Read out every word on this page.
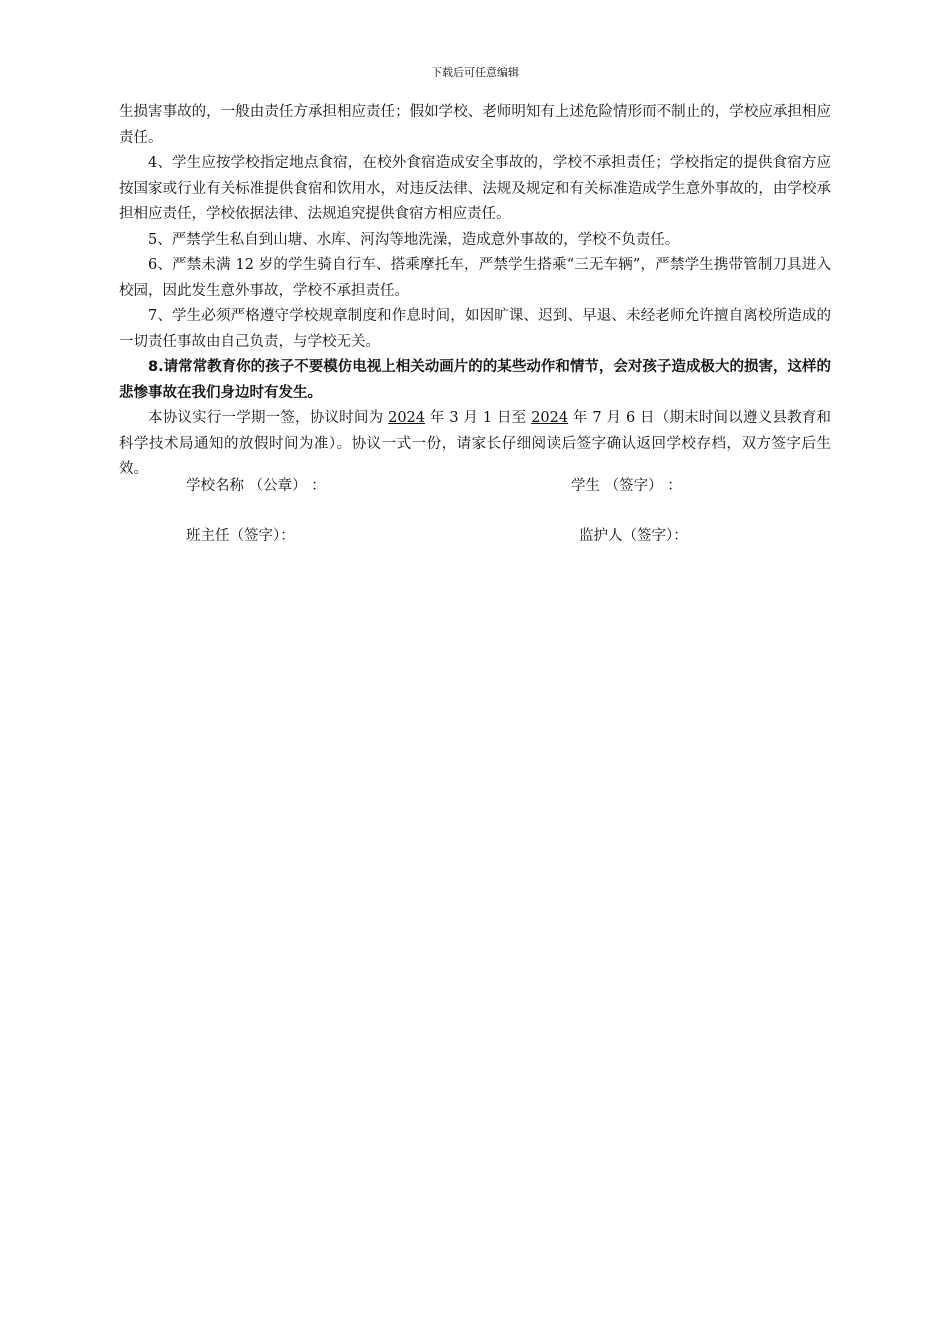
下载后可任意编辑

生损害事故的，一般由责任方承担相应责任；假如学校、老师明知有上述危险情形而不制止的，学校应承担相应责任。

4、学生应按学校指定地点食宿，在校外食宿造成安全事故的，学校不承担责任；学校指定的提供食宿方应按国家或行业有关标准提供食宿和饮用水，对违反法律、法规及规定和有关标准造成学生意外事故的，由学校承担相应责任，学校依据法律、法规追究提供食宿方相应责任。

5、严禁学生私自到山塘、水库、河沟等地洗澡，造成意外事故的，学校不负责任。

6、严禁未满 12 岁的学生骑自行车、搭乘摩托车，严禁学生搭乘“三无车辆”，严禁学生携带管制刀具进入校园，因此发生意外事故，学校不承担责任。

7、学生必须严格遵守学校规章制度和作息时间，如因旷课、迟到、早退、未经老师允许擅自离校所造成的一切责任事故由自己负责，与学校无关。

8.请常常教育你的孩子不要模仿电视上相关动画片的的某些动作和情节，会对孩子造成极大的损害，这样的悲惨事故在我们身边时有发生。

本协议实行一学期一签，协议时间为 2024 年 3 月 1 日至 2024 年 7 月 6 日（期末时间以遵义县教育和科学技术局通知的放假时间为准）。协议一式一份，请家长仔细阅读后签字确认返回学校存档，双方签字后生效。

学校名称 （公章） ：	学生 （签字） ：
班主任（签字）：	监护人（签字）：
